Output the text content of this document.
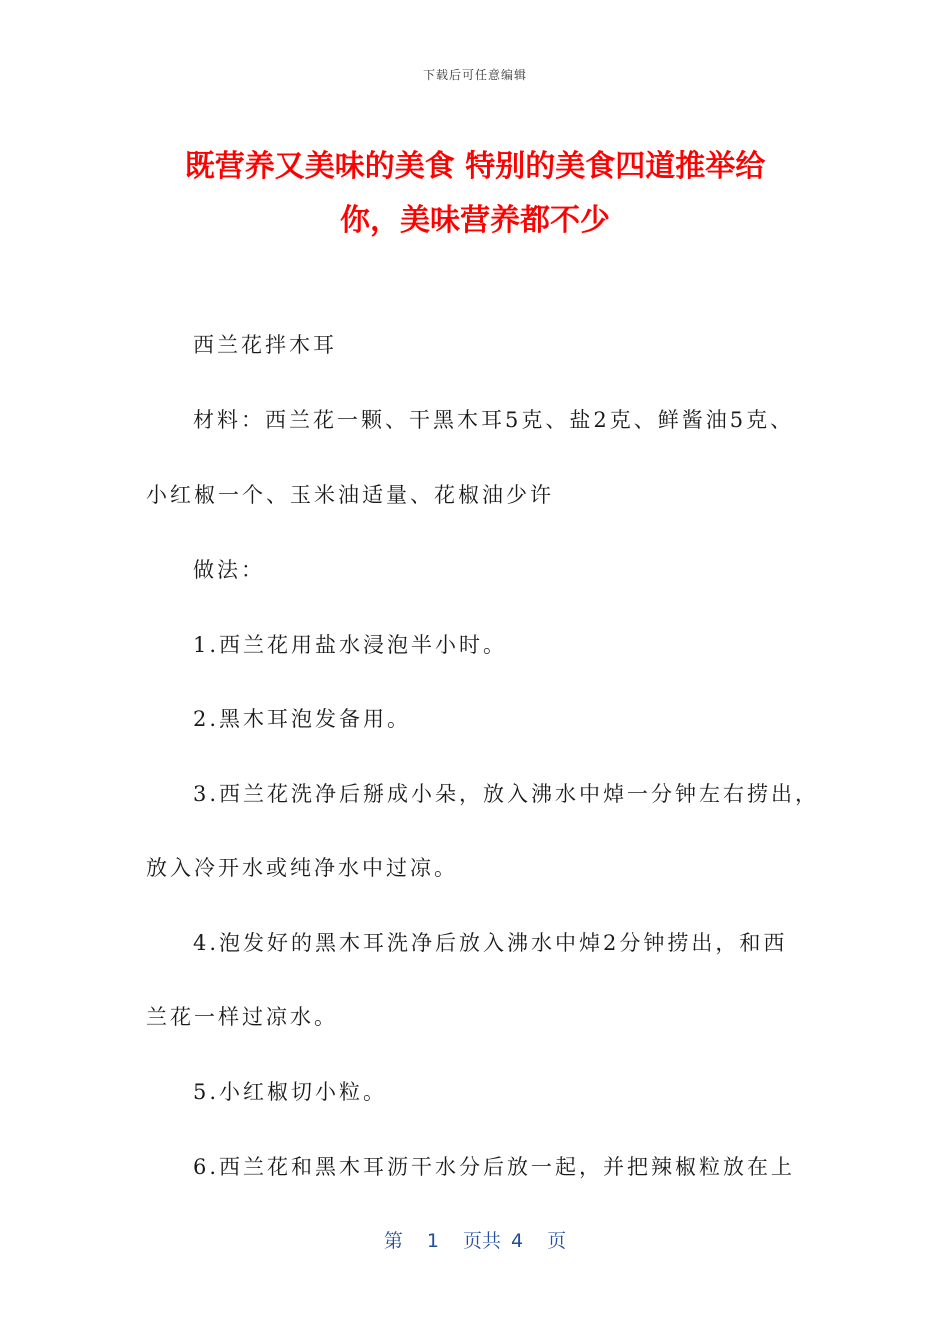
下载后可任意编辑
既营养又美味的美食 特别的美食四道推举给
你，美味营养都不少
西兰花拌木耳
材料：西兰花一颗、干黑木耳5克、盐2克、鲜酱油5克、
小红椒一个、玉米油适量、花椒油少许
做法：
1.西兰花用盐水浸泡半小时。
2.黑木耳泡发备用。
3.西兰花洗净后掰成小朵，放入沸水中焯一分钟左右捞出，
放入冷开水或纯净水中过凉。
4.泡发好的黑木耳洗净后放入沸水中焯2分钟捞出，和西
兰花一样过凉水。
5.小红椒切小粒。
6.西兰花和黑木耳沥干水分后放一起，并把辣椒粒放在上
第 1 页共 4 页
